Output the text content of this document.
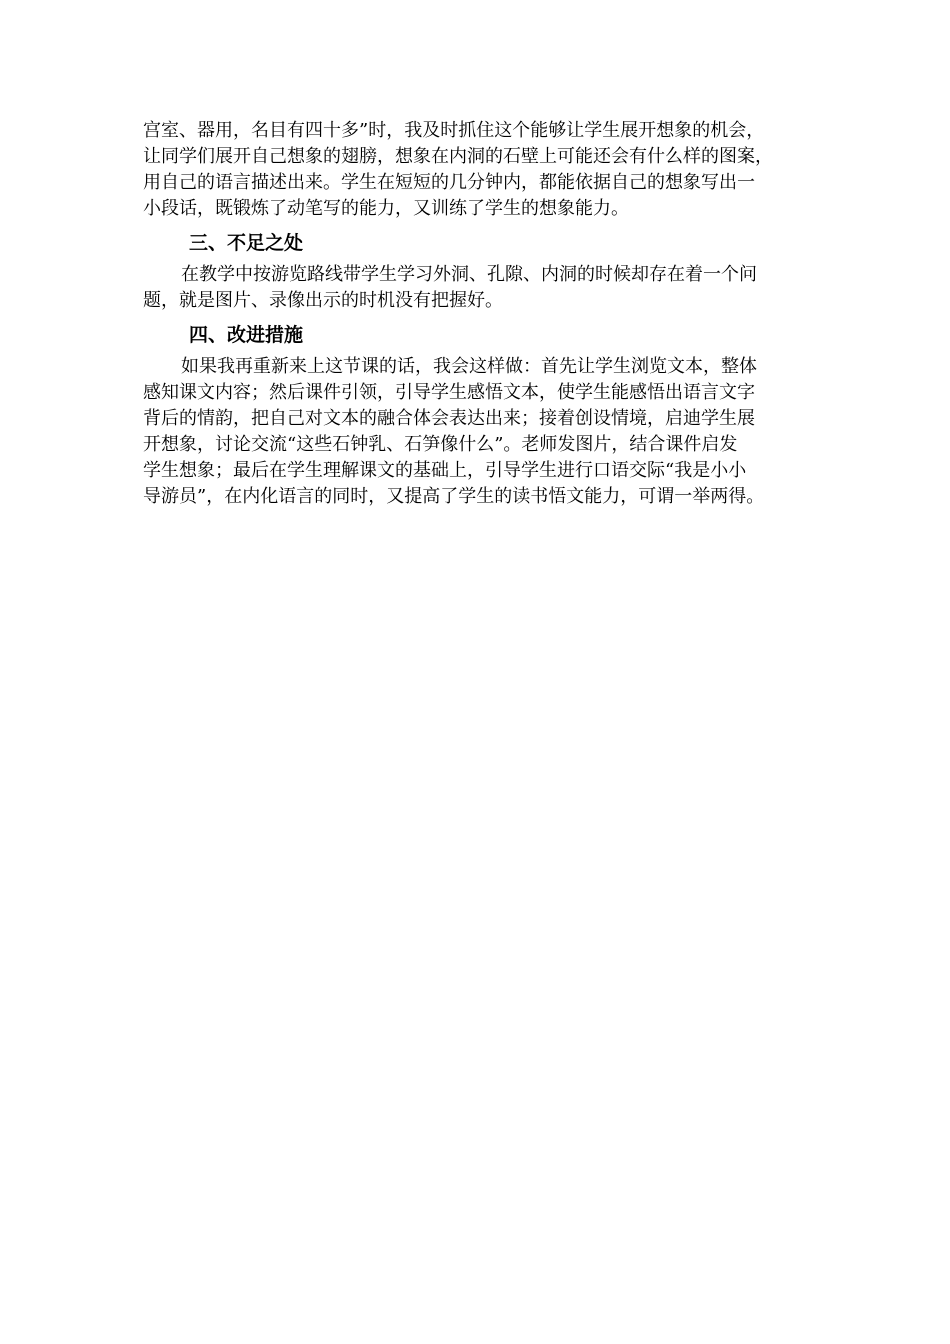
宫室、器用，名目有四十多”时，我及时抓住这个能够让学生展开想象的机会，
让同学们展开自己想象的翅膀，想象在内洞的石壁上可能还会有什么样的图案，
用自己的语言描述出来。学生在短短的几分钟内，都能依据自己的想象写出一
小段话，既锻炼了动笔写的能力，又训练了学生的想象能力。
三、不足之处
在教学中按游览路线带学生学习外洞、孔隙、内洞的时候却存在着一个问
题，就是图片、录像出示的时机没有把握好。
四、改进措施
如果我再重新来上这节课的话，我会这样做：首先让学生浏览文本，整体
感知课文内容；然后课件引领，引导学生感悟文本，使学生能感悟出语言文字
背后的情韵，把自己对文本的融合体会表达出来；接着创设情境，启迪学生展
开想象，讨论交流“这些石钟乳、石笋像什么”。老师发图片，结合课件启发
学生想象；最后在学生理解课文的基础上，引导学生进行口语交际“我是小小
导游员”，在内化语言的同时，又提高了学生的读书悟文能力，可谓一举两得。
